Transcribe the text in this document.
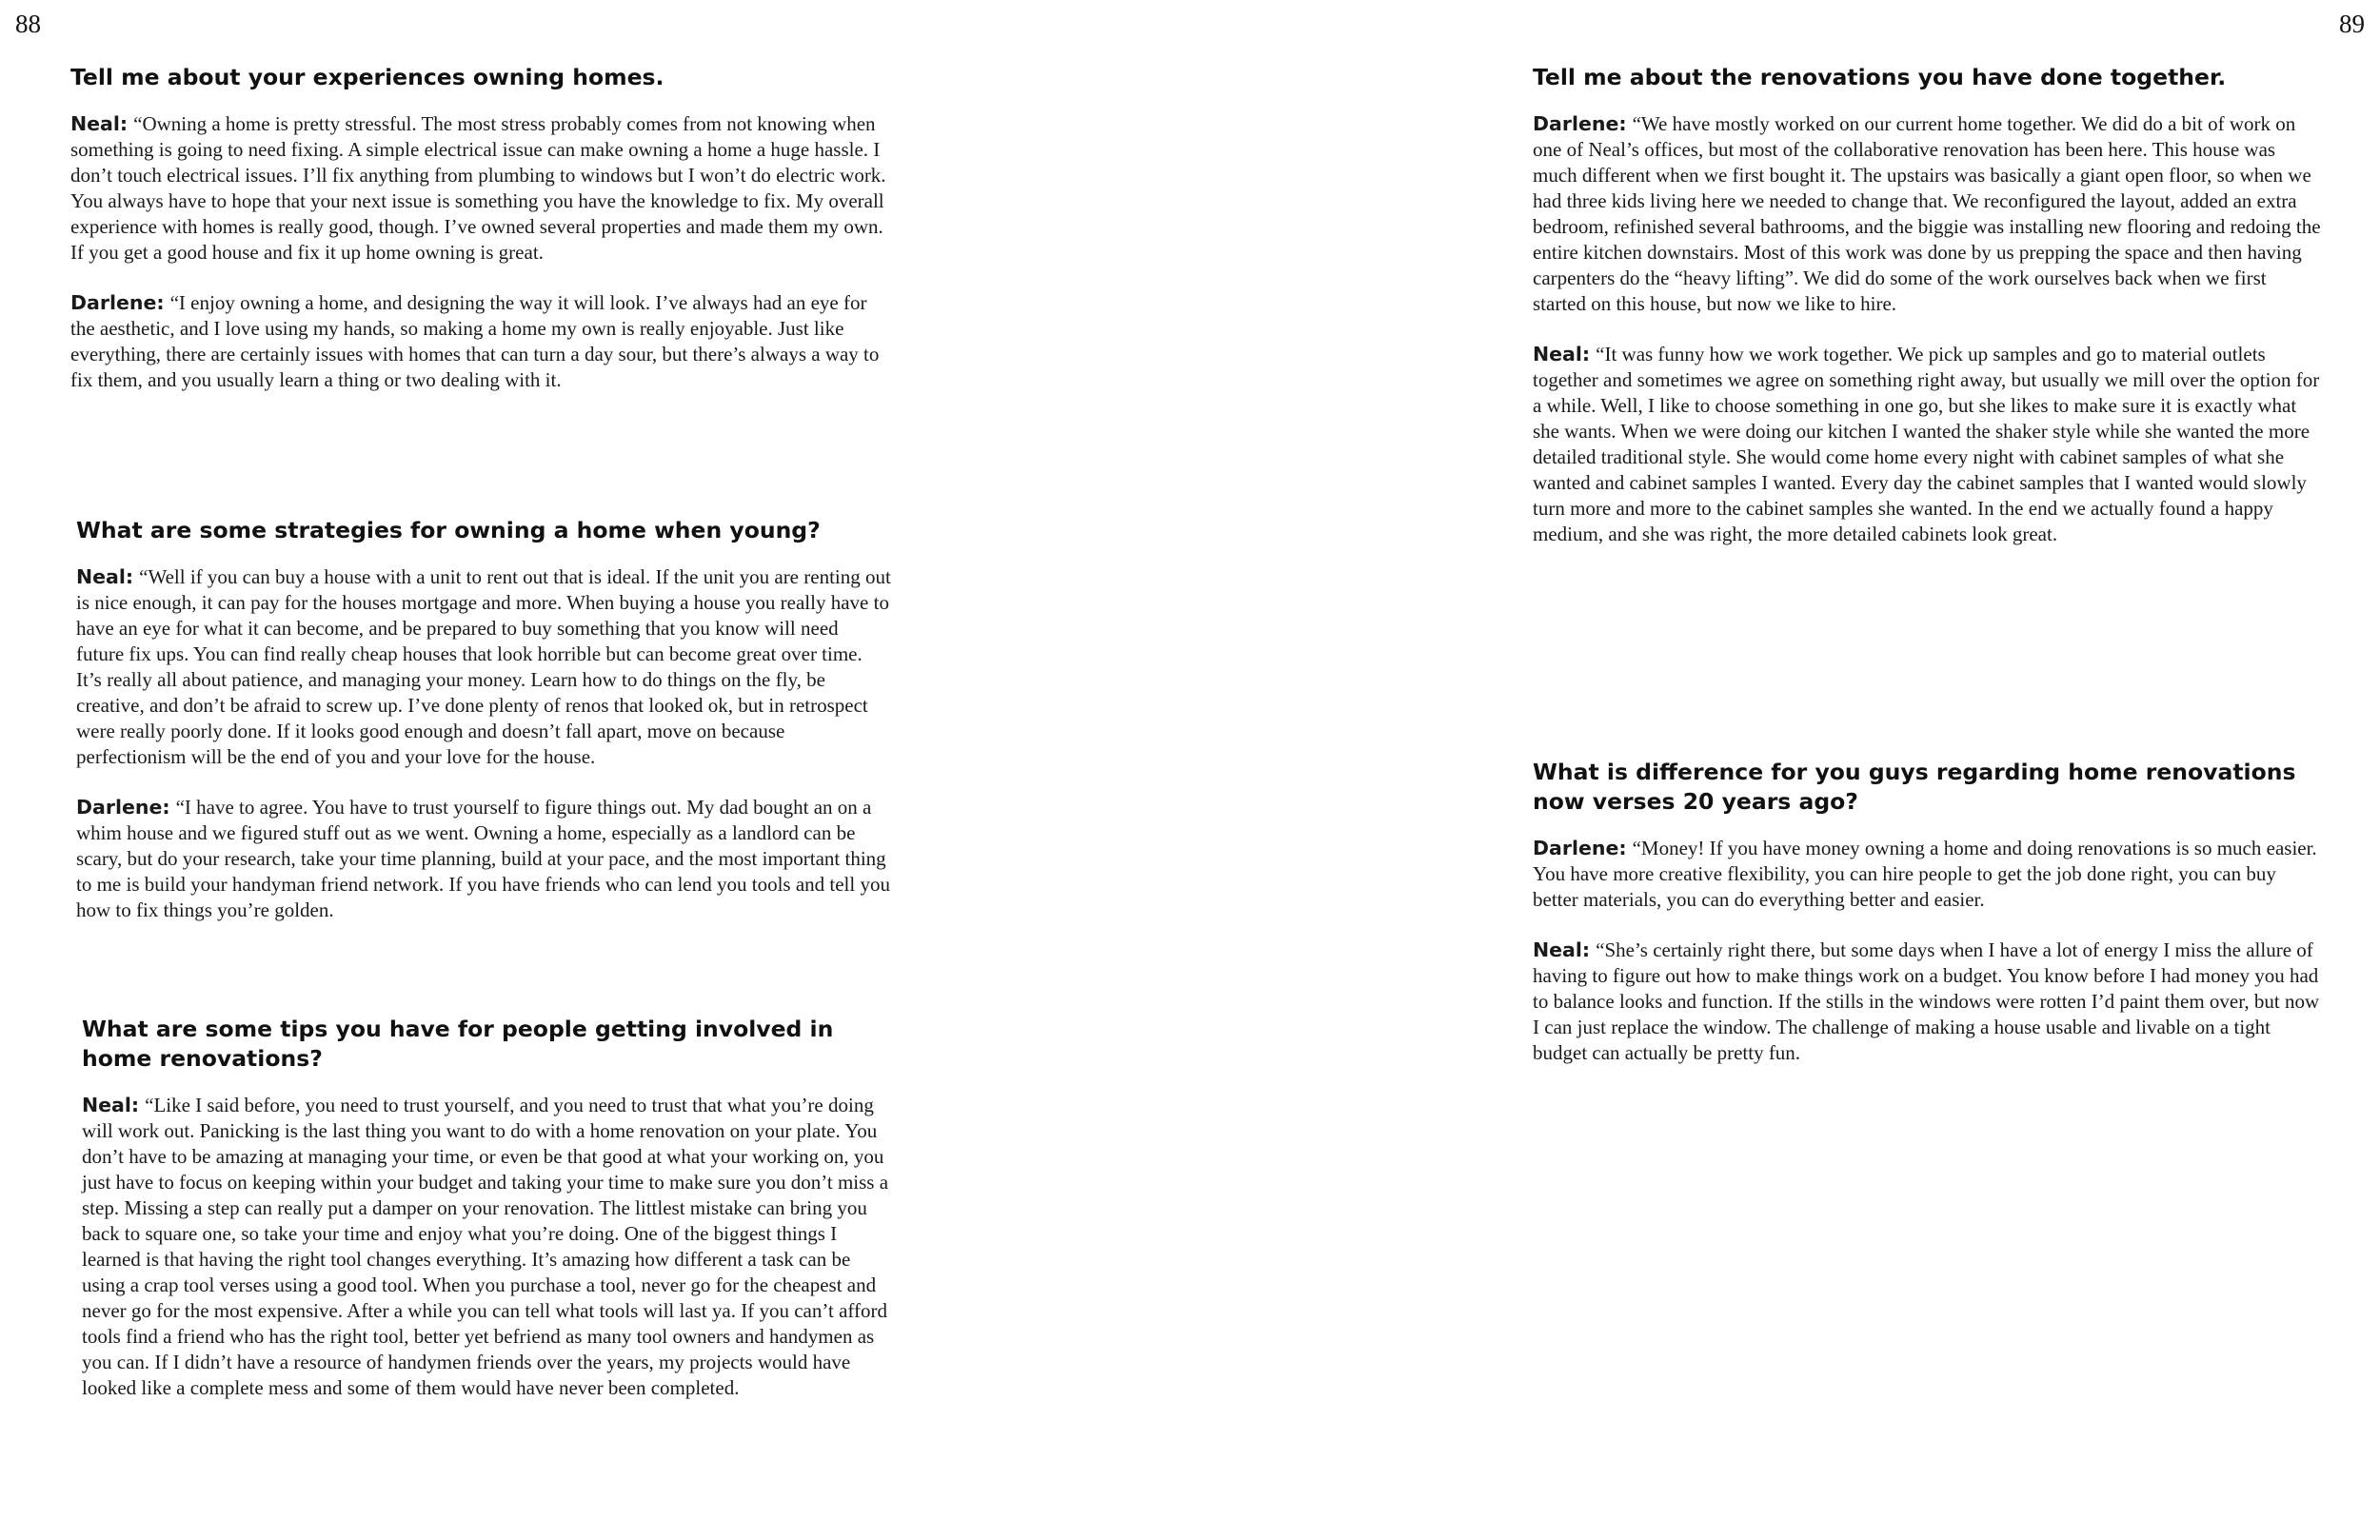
88	89
Tell me about your experiences owning homes.

Neal: “Owning a home is pretty stressful. The most stress probably comes from not knowing when something is going to need fixing. A simple electrical issue can make owning a home a huge hassle. I don’t touch electrical issues. I’ll fix anything from plumbing to windows but I won’t do electric work. You always have to hope that your next issue is something you have the knowledge to fix. My overall experience with homes is really good, though. I’ve owned several properties and made them my own. If you get a good house and fix it up home owning is great.

Darlene: “I enjoy owning a home, and designing the way it will look. I’ve always had an eye for the aesthetic, and I love using my hands, so making a home my own is really enjoyable. Just like everything, there are certainly issues with homes that can turn a day sour, but there’s always a way to fix them, and you usually learn a thing or two dealing with it.

What are some strategies for owning a home when young?

Neal: “Well if you can buy a house with a unit to rent out that is ideal. If the unit you are renting out is nice enough, it can pay for the houses mortgage and more. When buying a house you really have to have an eye for what it can become, and be prepared to buy something that you know will need future fix ups. You can find really cheap houses that look horrible but can become great over time. It’s really all about patience, and managing your money. Learn how to do things on the fly, be creative, and don’t be afraid to screw up. I’ve done plenty of renos that looked ok, but in retrospect were really poorly done. If it looks good enough and doesn’t fall apart, move on because perfectionism will be the end of you and your love for the house.

Darlene: “I have to agree. You have to trust yourself to figure things out. My dad bought an on a whim house and we figured stuff out as we went. Owning a home, especially as a landlord can be scary, but do your research, take your time planning, build at your pace, and the most important thing to me is build your handyman friend network. If you have friends who can lend you tools and tell you how to fix things you’re golden.

What are some tips you have for people getting involved in home renovations?

Neal: “Like I said before, you need to trust yourself, and you need to trust that what you’re doing will work out. Panicking is the last thing you want to do with a home renovation on your plate. You don’t have to be amazing at managing your time, or even be that good at what your working on, you just have to focus on keeping within your budget and taking your time to make sure you don’t miss a step. Missing a step can really put a damper on your renovation. The littlest mistake can bring you back to square one, so take your time and enjoy what you’re doing. One of the biggest things I learned is that having the right tool changes everything. It’s amazing how different a task can be using a crap tool verses using a good tool. When you purchase a tool, never go for the cheapest and never go for the most expensive. After a while you can tell what tools will last ya. If you can’t afford tools find a friend who has the right tool, better yet befriend as many tool owners and handymen as you can. If I didn’t have a resource of handymen friends over the years, my projects would have looked like a complete mess and some of them would have never been completed.

Tell me about the renovations you have done together.

Darlene: “We have mostly worked on our current home together. We did do a bit of work on one of Neal’s offices, but most of the collaborative renovation has been here. This house was much different when we first bought it. The upstairs was basically a giant open floor, so when we had three kids living here we needed to change that. We reconfigured the layout, added an extra bedroom, refinished several bathrooms, and the biggie was installing new flooring and redoing the entire kitchen downstairs. Most of this work was done by us prepping the space and then having carpenters do the “heavy lifting”. We did do some of the work ourselves back when we first started on this house, but now we like to hire.

Neal: “It was funny how we work together. We pick up samples and go to material outlets together and sometimes we agree on something right away, but usually we mill over the option for a while. Well, I like to choose something in one go, but she likes to make sure it is exactly what she wants. When we were doing our kitchen I wanted the shaker style while she wanted the more detailed traditional style. She would come home every night with cabinet samples of what she wanted and cabinet samples I wanted. Every day the cabinet samples that I wanted would slowly turn more and more to the cabinet samples she wanted. In the end we actually found a happy medium, and she was right, the more detailed cabinets look great.

What is difference for you guys regarding home renovations now verses 20 years ago?

Darlene: “Money! If you have money owning a home and doing renovations is so much easier. You have more creative flexibility, you can hire people to get the job done right, you can buy better materials, you can do everything better and easier.

Neal: “She’s certainly right there, but some days when I have a lot of energy I miss the allure of having to figure out how to make things work on a budget. You know before I had money you had to balance looks and function. If the stills in the windows were rotten I’d paint them over, but now I can just replace the window. The challenge of making a house usable and livable on a tight budget can actually be pretty fun.
